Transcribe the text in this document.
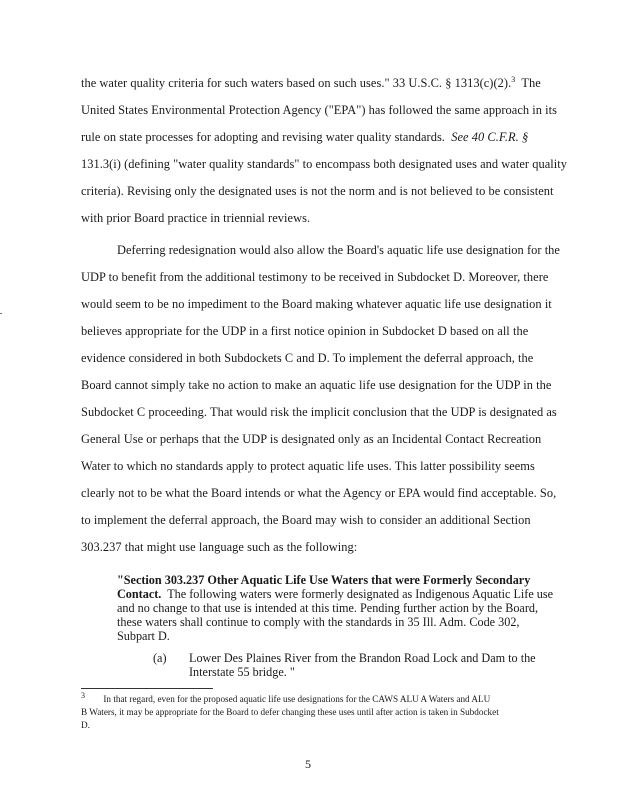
the water quality criteria for such waters based on such uses." 33 U.S.C. § 1313(c)(2).$^3$ The
United States Environmental Protection Agency ("EPA") has followed the same approach in its
rule on state processes for adopting and revising water quality standards. See 40 C.F.R. §
131.3(i) (defining "water quality standards" to encompass both designated uses and water quality
criteria). Revising only the designated uses is not the norm and is not believed to be consistent
with prior Board practice in triennial reviews.
Deferring redesignation would also allow the Board's aquatic life use designation for the
UDP to benefit from the additional testimony to be received in Subdocket D. Moreover, there
would seem to be no impediment to the Board making whatever aquatic life use designation it
believes appropriate for the UDP in a first notice opinion in Subdocket D based on all the
evidence considered in both Subdockets C and D. To implement the deferral approach, the
Board cannot simply take no action to make an aquatic life use designation for the UDP in the
Subdocket C proceeding. That would risk the implicit conclusion that the UDP is designated as
General Use or perhaps that the UDP is designated only as an Incidental Contact Recreation
Water to which no standards apply to protect aquatic life uses. This latter possibility seems
clearly not to be what the Board intends or what the Agency or EPA would find acceptable. So,
to implement the deferral approach, the Board may wish to consider an additional Section
303.237 that might use language such as the following:
"Section 303.237 Other Aquatic Life Use Waters that were Formerly Secondary
Contact. The following waters were formerly designated as Indigenous Aquatic Life use
and no change to that use is intended at this time. Pending further action by the Board,
these waters shall continue to comply with the standards in 35 Ill. Adm. Code 302,
Subpart D.
(a) Lower Des Plaines River from the Brandon Road Lock and Dam to the
Interstate 55 bridge. "
3 In that regard, even for the proposed aquatic life use designations for the CAWS ALU A Waters and ALU
B Waters, it may be appropriate for the Board to defer changing these uses until after action is taken in Subdocket
D.
5
